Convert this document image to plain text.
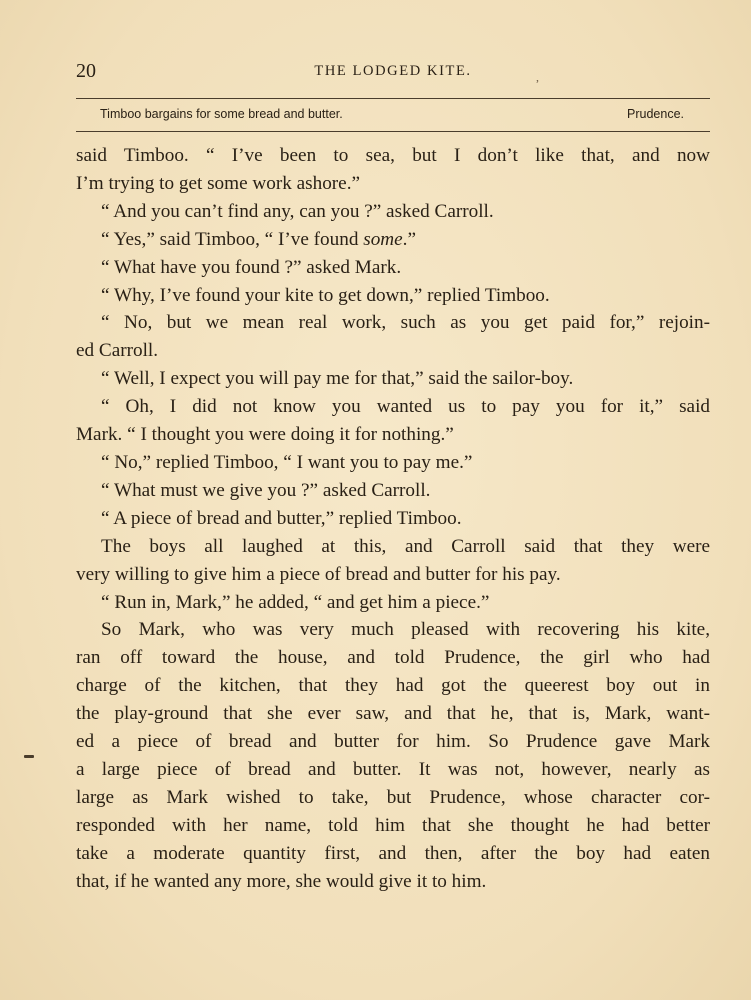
20	THE LODGED KITE.	,
Timboo bargains for some bread and butter.	Prudence.

said Timboo. “ I’ve been to sea, but I don’t like that, and now

I’m trying to get some work ashore.”

“ And you can’t find any, can you ?” asked Carroll.

“ Yes,” said Timboo, “ I’ve found some.”

“ What have you found ?” asked Mark.

“ Why, I’ve found your kite to get down,” replied Timboo.

“ No, but we mean real work, such as you get paid for,” rejoin-

ed Carroll.

“ Well, I expect you will pay me for that,” said the sailor-boy.

“ Oh, I did not know you wanted us to pay you for it,” said

Mark. “ I thought you were doing it for nothing.”

“ No,” replied Timboo, “ I want you to pay me.”

“ What must we give you ?” asked Carroll.

“ A piece of bread and butter,” replied Timboo.

The boys all laughed at this, and Carroll said that they were

very willing to give him a piece of bread and butter for his pay.

“ Run in, Mark,” he added, “ and get him a piece.”

So Mark, who was very much pleased with recovering his kite,

ran off toward the house, and told Prudence, the girl who had

charge of the kitchen, that they had got the queerest boy out in

the play-ground that she ever saw, and that he, that is, Mark, want-

ed a piece of bread and butter for him. So Prudence gave Mark

a large piece of bread and butter. It was not, however, nearly as

large as Mark wished to take, but Prudence, whose character cor-

responded with her name, told him that she thought he had better

take a moderate quantity first, and then, after the boy had eaten

that, if he wanted any more, she would give it to him.
